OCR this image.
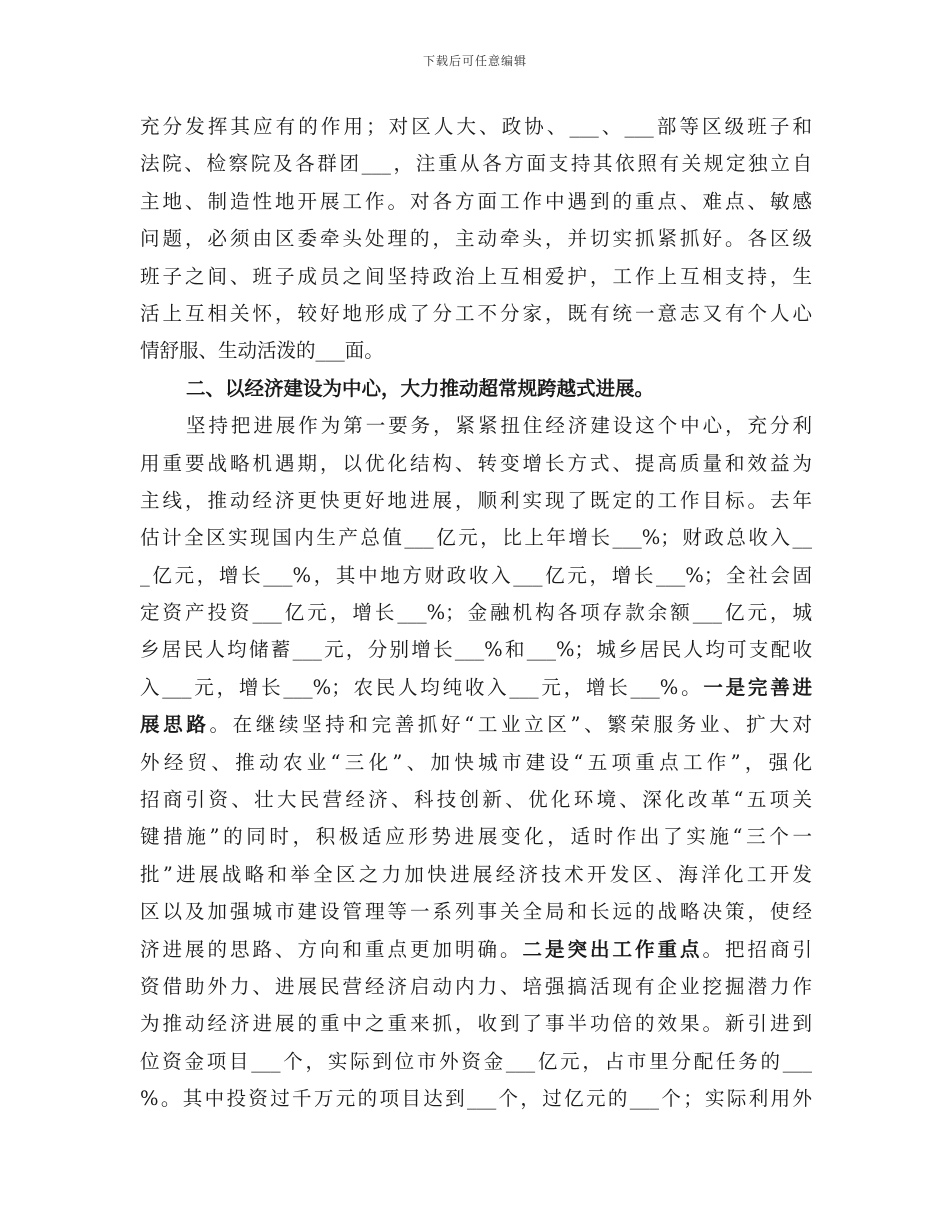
下载后可任意编辑
充分发挥其应有的作用；对区人大、政协、___、___部等区级班子和
法院、检察院及各群团___，注重从各方面支持其依照有关规定独立自
主地、制造性地开展工作。对各方面工作中遇到的重点、难点、敏感
问题，必须由区委牵头处理的，主动牵头，并切实抓紧抓好。各区级
班子之间、班子成员之间坚持政治上互相爱护，工作上互相支持，生
活上互相关怀，较好地形成了分工不分家，既有统一意志又有个人心
情舒服、生动活泼的___面。
二、以经济建设为中心，大力推动超常规跨越式进展。
坚持把进展作为第一要务，紧紧扭住经济建设这个中心，充分利
用重要战略机遇期，以优化结构、转变增长方式、提高质量和效益为
主线，推动经济更快更好地进展，顺利实现了既定的工作目标。去年
估计全区实现国内生产总值___亿元，比上年增长___%；财政总收入__
_亿元，增长___%，其中地方财政收入___亿元，增长___%；全社会固
定资产投资___亿元，增长___%；金融机构各项存款余额___亿元，城
乡居民人均储蓄___元，分别增长___%和___%；城乡居民人均可支配收
入___元，增长___%；农民人均纯收入___元，增长___%。一是完善进
展思路。在继续坚持和完善抓好“工业立区”、繁荣服务业、扩大对
外经贸、推动农业“三化”、加快城市建设“五项重点工作”，强化
招商引资、壮大民营经济、科技创新、优化环境、深化改革“五项关
键措施”的同时，积极适应形势进展变化，适时作出了实施“三个一
批”进展战略和举全区之力加快进展经济技术开发区、海洋化工开发
区以及加强城市建设管理等一系列事关全局和长远的战略决策，使经
济进展的思路、方向和重点更加明确。二是突出工作重点。把招商引
资借助外力、进展民营经济启动内力、培强搞活现有企业挖掘潜力作
为推动经济进展的重中之重来抓，收到了事半功倍的效果。新引进到
位资金项目___个，实际到位市外资金___亿元，占市里分配任务的___
%。其中投资过千万元的项目达到___个，过亿元的___个；实际利用外
